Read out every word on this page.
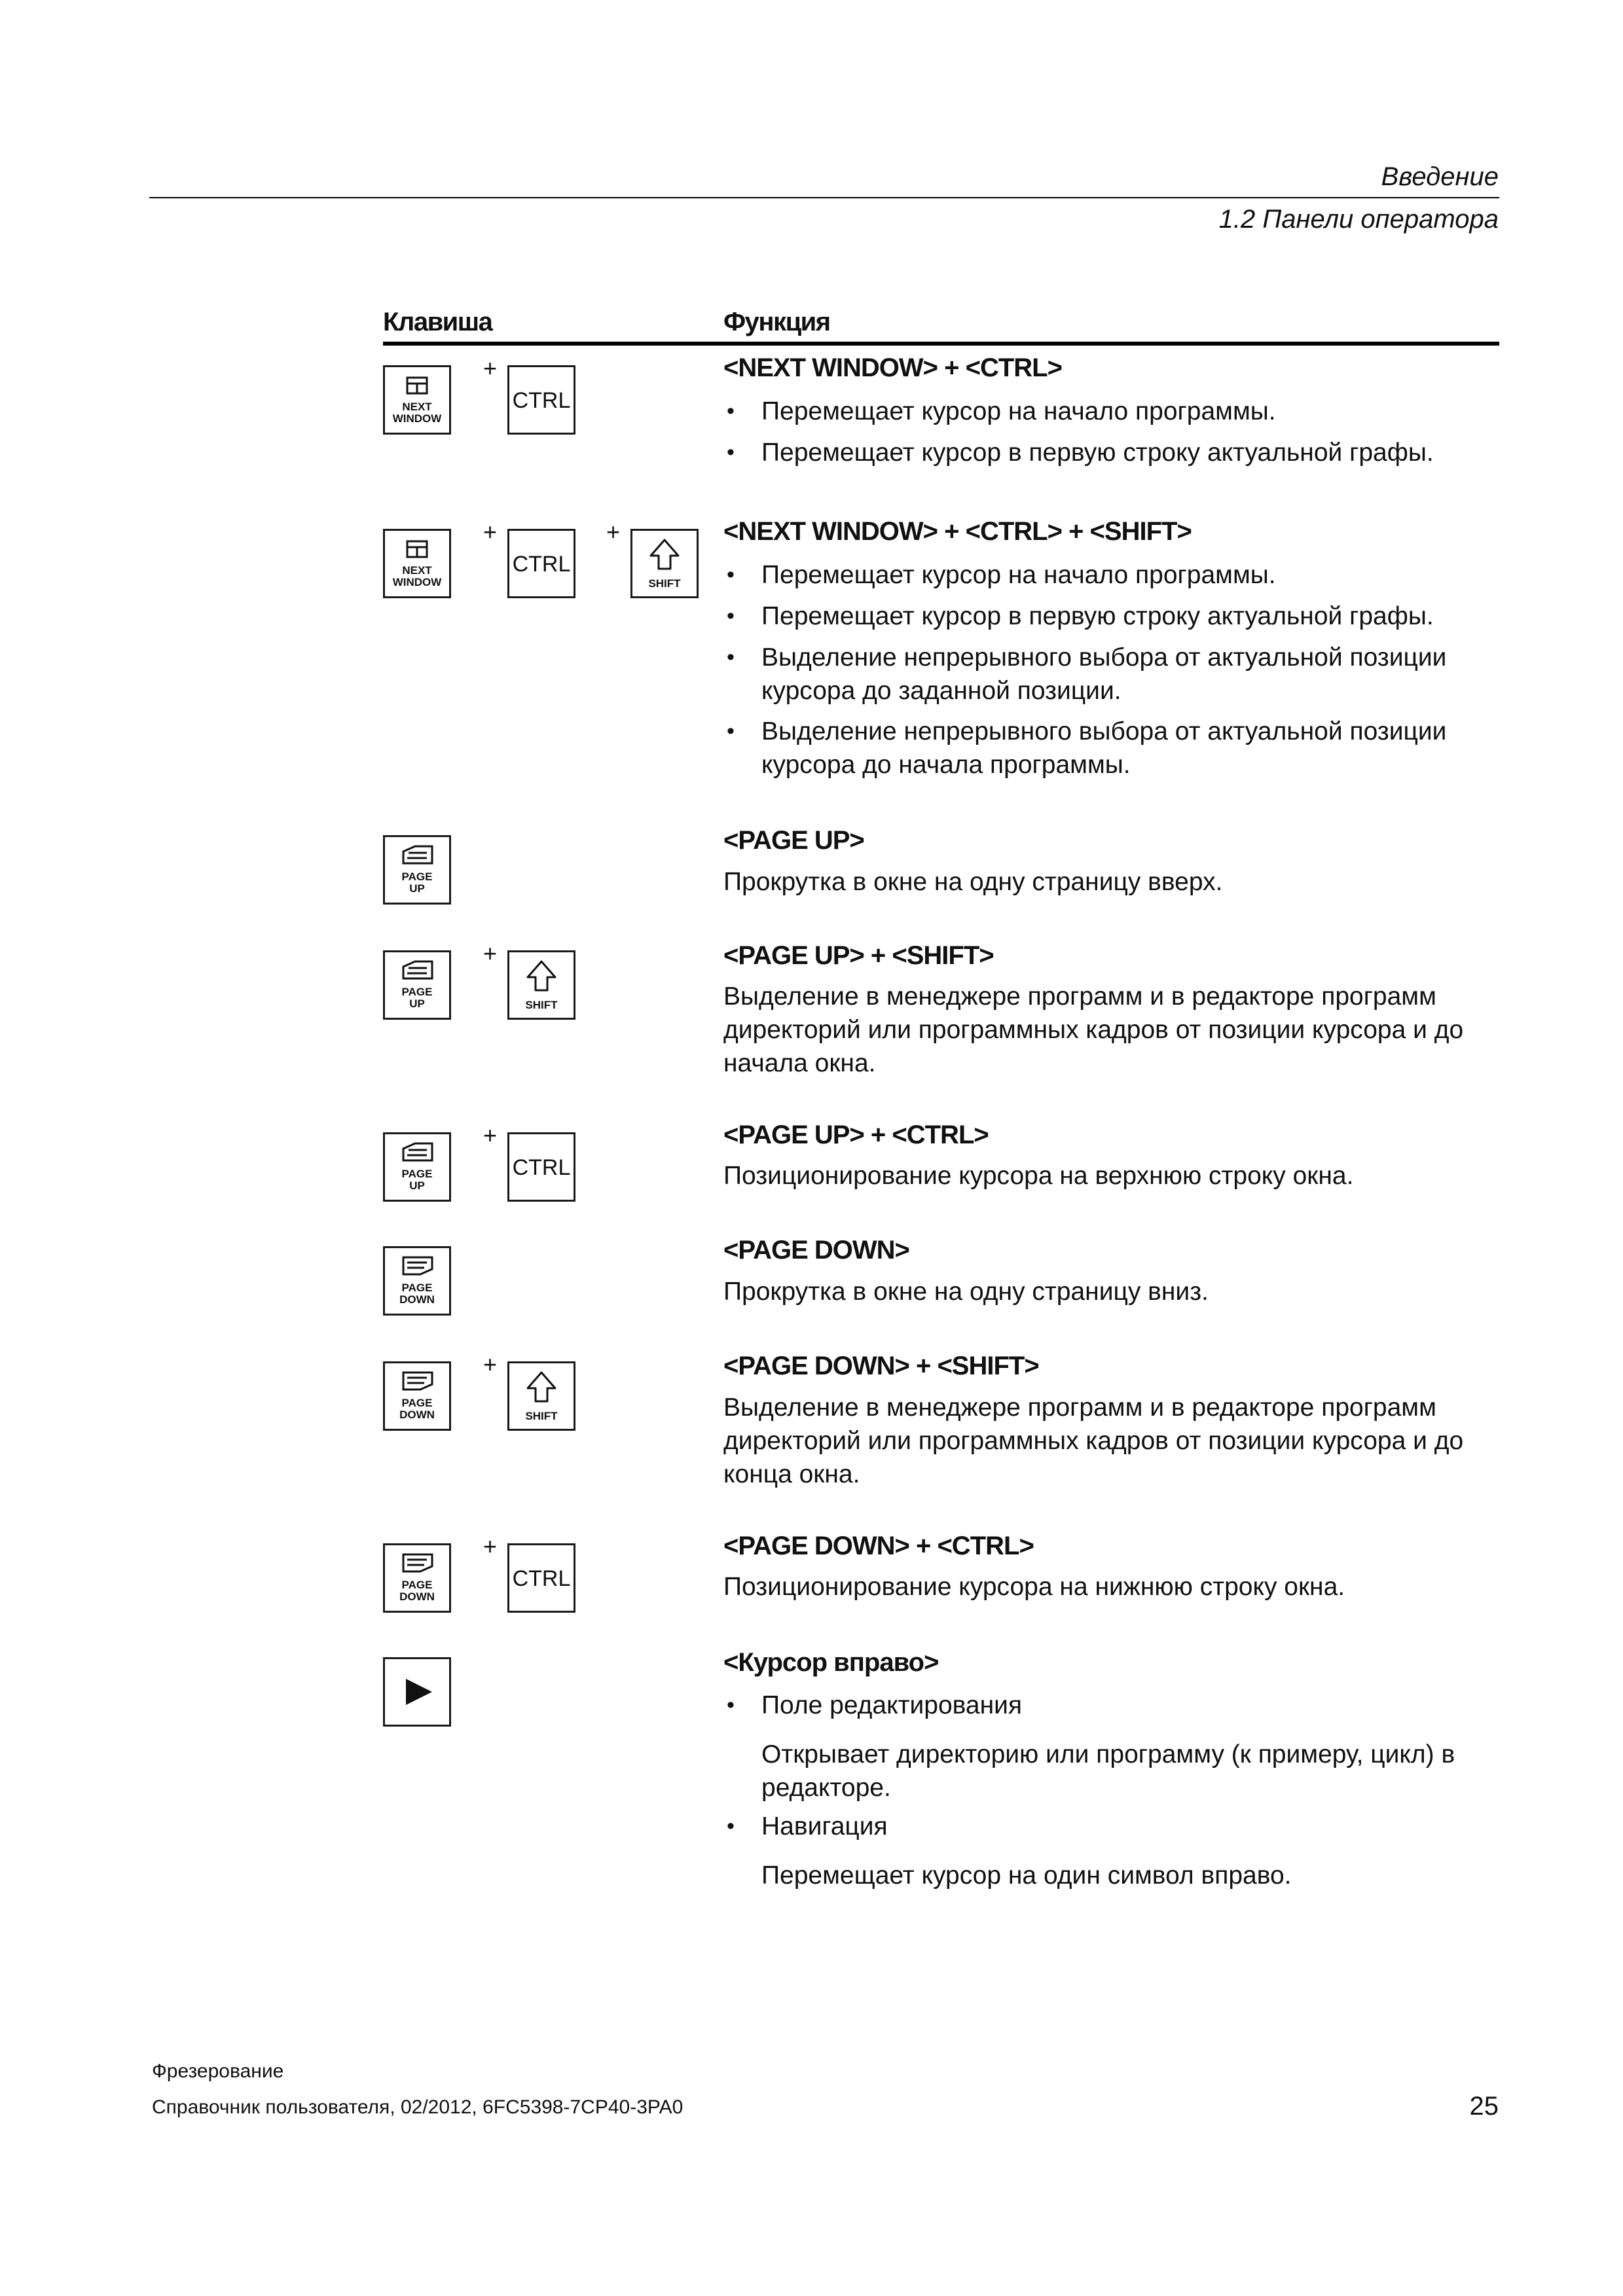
Введение
1.2 Панели оператора
Клавиша	Функция
NEXT
WINDOW
+
CTRL
<NEXT WINDOW> + <CTRL>
• Перемещает курсор на начало программы.
• Перемещает курсор в первую строку актуальной графы.
NEXT
WINDOW
+
CTRL
+
SHIFT
<NEXT WINDOW> + <CTRL> + <SHIFT>
• Перемещает курсор на начало программы.
• Перемещает курсор в первую строку актуальной графы.
• Выделение непрерывного выбора от актуальной позиции курсора до заданной позиции.
• Выделение непрерывного выбора от актуальной позиции курсора до начала программы.
PAGE
UP
<PAGE UP>
Прокрутка в окне на одну страницу вверх.
PAGE
UP
+
SHIFT
<PAGE UP> + <SHIFT>
Выделение в менеджере программ и в редакторе программ директорий или программных кадров от позиции курсора и до начала окна.
PAGE
UP
+
CTRL
<PAGE UP> + <CTRL>
Позиционирование курсора на верхнюю строку окна.
PAGE
DOWN
<PAGE DOWN>
Прокрутка в окне на одну страницу вниз.
PAGE
DOWN
+
SHIFT
<PAGE DOWN> + <SHIFT>
Выделение в менеджере программ и в редакторе программ директорий или программных кадров от позиции курсора и до конца окна.
PAGE
DOWN
+
CTRL
<PAGE DOWN> + <CTRL>
Позиционирование курсора на нижнюю строку окна.
<Курсор вправо>
• Поле редактирования
Открывает директорию или программу (к примеру, цикл) в редакторе.
• Навигация
Перемещает курсор на один символ вправо.
Фрезерование
Справочник пользователя, 02/2012, 6FC5398-7CP40-3PA0	25
